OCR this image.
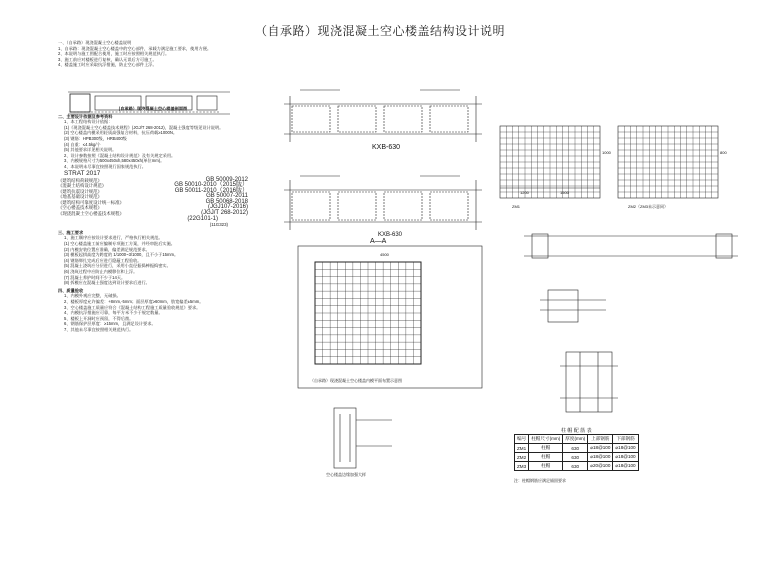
（自承路）现浇混凝土空心楼盖结构设计说明
一、（自承路）现浇混凝土空心楼盖说明
1、自承路：现浇混凝土空心楼盖中的空心部件，承载力满足施工要求，使用方便。
2、本说明与施工图配合使用，施工时应按照相关规范执行。
3、施工前应对楼板进行复核，确认无误后方可施工。
4、楼盖施工时应采取抗浮措施，防止空心部件上浮。
(自承路）现浇混凝土空心楼盖剖面图
二、主要设计依据及参考资料
1、本工程结构设计依据：
(1)《现浇混凝土空心楼盖技术规程》(JGJ/T 268-2012)，混凝土强度等级见设计说明。
(2) 空心楼盖内模采用轻质高强复合材料，抗压荷载≥1000N。
(3) 钢筋：HPB300级，HRB400级
(4) 自重：≤4.5kg/个
(5) 其他要求详见相关说明。
2、设计参数按照《混凝土结构设计规范》及有关规定采用。
3、内模规格尺寸为500x450xh,580x450xh(单位mm)。
4、本说明未尽事宜按照现行国家规范执行。
STRAT 2017
《建筑结构荷载规范》	GB 50009-2012
《混凝土结构设计规范》	GB 50010-2010（2015版）
《建筑抗震设计规范》	GB 50011-2010（2016版）
《地基基础设计规范》	GB 50007-2011
《建筑结构可靠度设计统一标准》	GB 50068-2018
《空心楼盖技术规程》	(JGJ107-2016)
《现浇混凝土空心楼盖技术规程》	(JGJ/T 268-2012)
(22G101-1)
(11G323)
三、施工要求
1、施工顺序应按设计要求进行，严格执行相关规范。
(1) 空心楼盖施工前应编制专项施工方案，并经审批后实施。
(2) 内模安装位置应准确，偏差满足规范要求。
(3) 模板起拱高度为跨度的 1/1000~3/1000，且不小于15mm。
(4) 钢筋绑扎完成后应进行隐蔽工程验收。
(5) 混凝土浇筑应分层进行，采用小直径振捣棒振捣密实。
(6) 浇筑过程中应防止内模移位和上浮。
(7) 混凝土养护时间不少于14天。
(8) 拆模应在混凝土强度达到设计要求后进行。
四、质量验收
1、内模外观应完整，无破损。
2、楼板厚度允许偏差：+8mm,-5mm；面层厚度≥60mm，肋宽偏差±5mm。
3、空心楼盖施工质量应符合《混凝土结构工程施工质量验收规范》要求。
4、内模抗浮措施应可靠，每平方米不少于规定数量。
5、楼板上开洞时应预留，不得后凿。
6、钢筋保护层厚度：≥15mm，且满足设计要求。
7、其他未尽事宜按照相关规范执行。
KXB-630
KXB-630
A—A
（自承路）现浇混凝土空心楼盖内模平面布置示意图
空心楼盖边缘加强大样
ZM1	ZM2（ZM3未示意同）
1200	1500
1000	800
4500
柱 帽 配 筋 表				
编号	柱帽尺寸(mm)	厚度(mm)	上部钢筋	下部钢筋
ZM1	柱帽	630	⌀18@100	⌀18@100
ZM2	柱帽	630	⌀18@100	⌀18@100
ZM3	柱帽	630	⌀20@100	⌀18@100
注：柱帽钢筋应满足锚固要求
